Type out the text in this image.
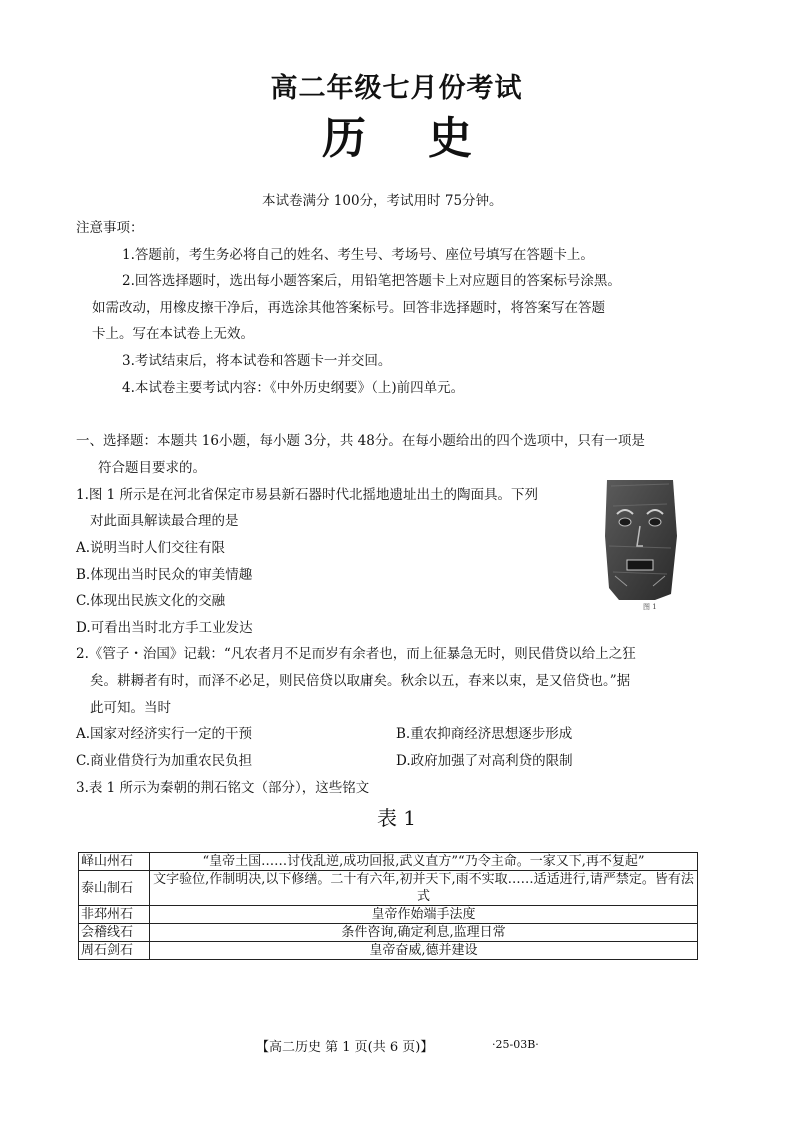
高二年级七月份考试
历 史
本试卷满分 100分，考试用时 75分钟。
注意事项：
1.答题前，考生务必将自己的姓名、考生号、考场号、座位号填写在答题卡上。
2.回答选择题时，选出每小题答案后，用铅笔把答题卡上对应题目的答案标号涂黑。
如需改动，用橡皮擦干净后，再选涂其他答案标号。回答非选择题时，将答案写在答题
卡上。写在本试卷上无效。
3.考试结束后，将本试卷和答题卡一并交回。
4.本试卷主要考试内容：《中外历史纲要》（上)前四单元。
一、选择题：本题共 16小题，每小题 3分，共 48分。在每小题给出的四个选项中，只有一项是
符合题目要求的。
1.图 1 所示是在河北省保定市易县新石器时代北摇地遗址出土的陶面具。下列
对此面具解读最合理的是
A.说明当时人们交往有限
B.体现出当时民众的审美情趣
C.体现出民族文化的交融
D.可看出当时北方手工业发达
图 1
2.《管子・治国》记载：“凡农者月不足而岁有余者也，而上征暴急无时，则民借贷以给上之狂
矣。耕耨者有时，而泽不必足，则民倍贷以取庸矣。秋余以五，春来以束，是又倍贷也。”据
此可知。当时
A.国家对经济实行一定的干预	B.重农抑商经济思想逐步形成
C.商业借贷行为加重农民负担	D.政府加强了对高利贷的限制
3.表 1 所示为秦朝的荆石铭文（部分），这些铭文
表 1
峄山州石	“皇帝土国……讨伐乱逆,成功回报,武义直方”“乃令主命。一家又下,再不复起”
泰山制石	文字验位,作制明决,以下修缮。二十有六年,初并天下,雨不实取……适适进行,请严禁定。皆有法式
非邳州石	皇帝作始端手法度
会稽线石	条件咨询,确定利息,监理日常
周石剑石	皇帝奋威,德并建设
【高二历史 第 1 页(共 6 页)】	·25-03B·
